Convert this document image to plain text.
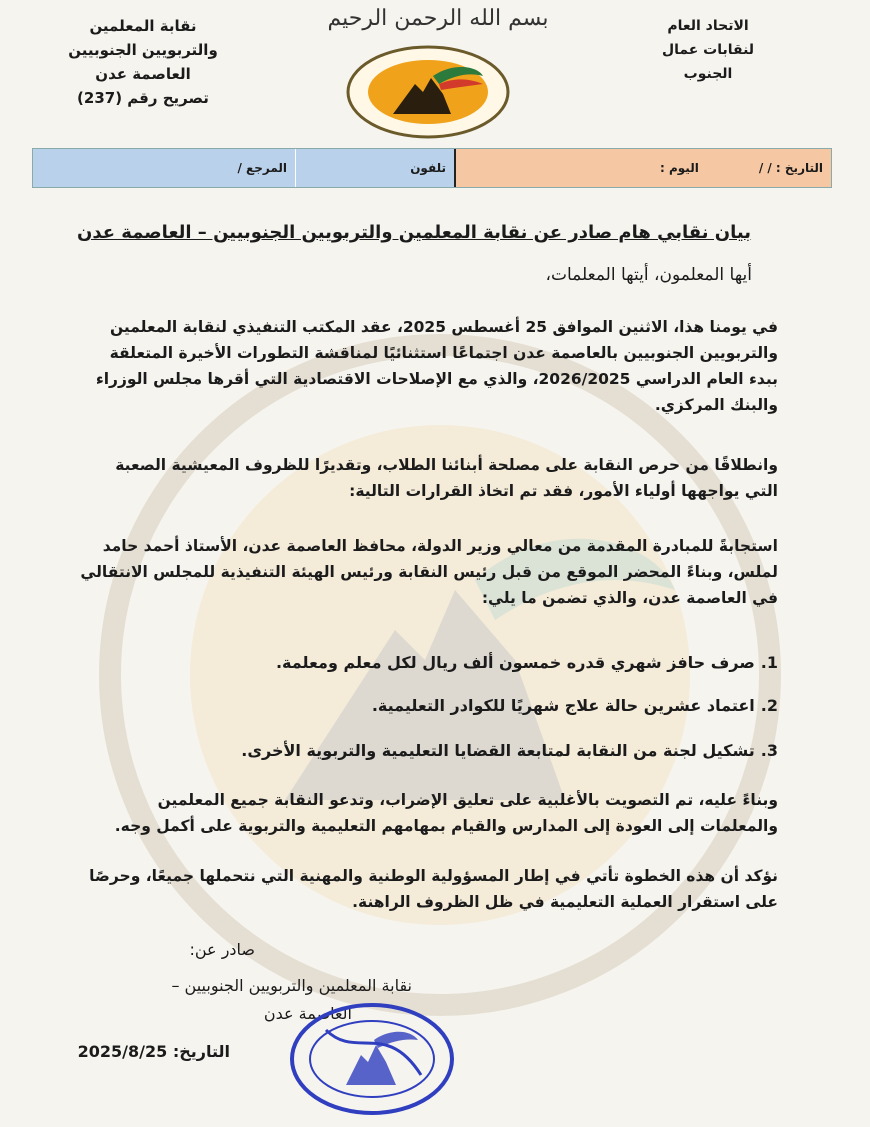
الاتحاد العام
لنقابات عمال
الجنوب
نقابة المعلمين
والتربويين الجنوبيين
العاصمة عدن
تصريح رقم (237)
بسم الله الرحمن الرحيم
التاريخ : / /
اليوم :
تلفون
المرجع /
بيان نقابي هام صادر عن نقابة المعلمين والتربويين الجنوبيين – العاصمة عدن
أيها المعلمون، أيتها المعلمات،
في يومنا هذا، الاثنين الموافق 25 أغسطس 2025، عقد المكتب التنفيذي لنقابة المعلمين والتربويين الجنوبيين بالعاصمة عدن اجتماعًا استثنائيًا لمناقشة التطورات الأخيرة المتعلقة ببدء العام الدراسي 2026/2025، والذي مع الإصلاحات الاقتصادية التي أقرها مجلس الوزراء والبنك المركزي.
وانطلاقًا من حرص النقابة على مصلحة أبنائنا الطلاب، وتقديرًا للظروف المعيشية الصعبة التي يواجهها أولياء الأمور، فقد تم اتخاذ القرارات التالية:
استجابةً للمبادرة المقدمة من معالي وزير الدولة، محافظ العاصمة عدن، الأستاذ أحمد حامد لملس، وبناءً المحضر الموقع من قبل رئيس النقابة ورئيس الهيئة التنفيذية للمجلس الانتقالي في العاصمة عدن، والذي تضمن ما يلي:
1.صرف حافز شهري قدره خمسون ألف ريال لكل معلم ومعلمة.
2.اعتماد عشرين حالة علاج شهريًا للكوادر التعليمية.
3.تشكيل لجنة من النقابة لمتابعة القضايا التعليمية والتربوية الأخرى.
وبناءً عليه، تم التصويت بالأغلبية على تعليق الإضراب، وتدعو النقابة جميع المعلمين والمعلمات إلى العودة إلى المدارس والقيام بمهامهم التعليمية والتربوية على أكمل وجه.
نؤكد أن هذه الخطوة تأتي في إطار المسؤولية الوطنية والمهنية التي نتحملها جميعًا، وحرصًا على استقرار العملية التعليمية في ظل الظروف الراهنة.
صادر عن:
نقابة المعلمين والتربويين الجنوبيين –
العاصمة عدن
التاريخ: 2025/8/25
